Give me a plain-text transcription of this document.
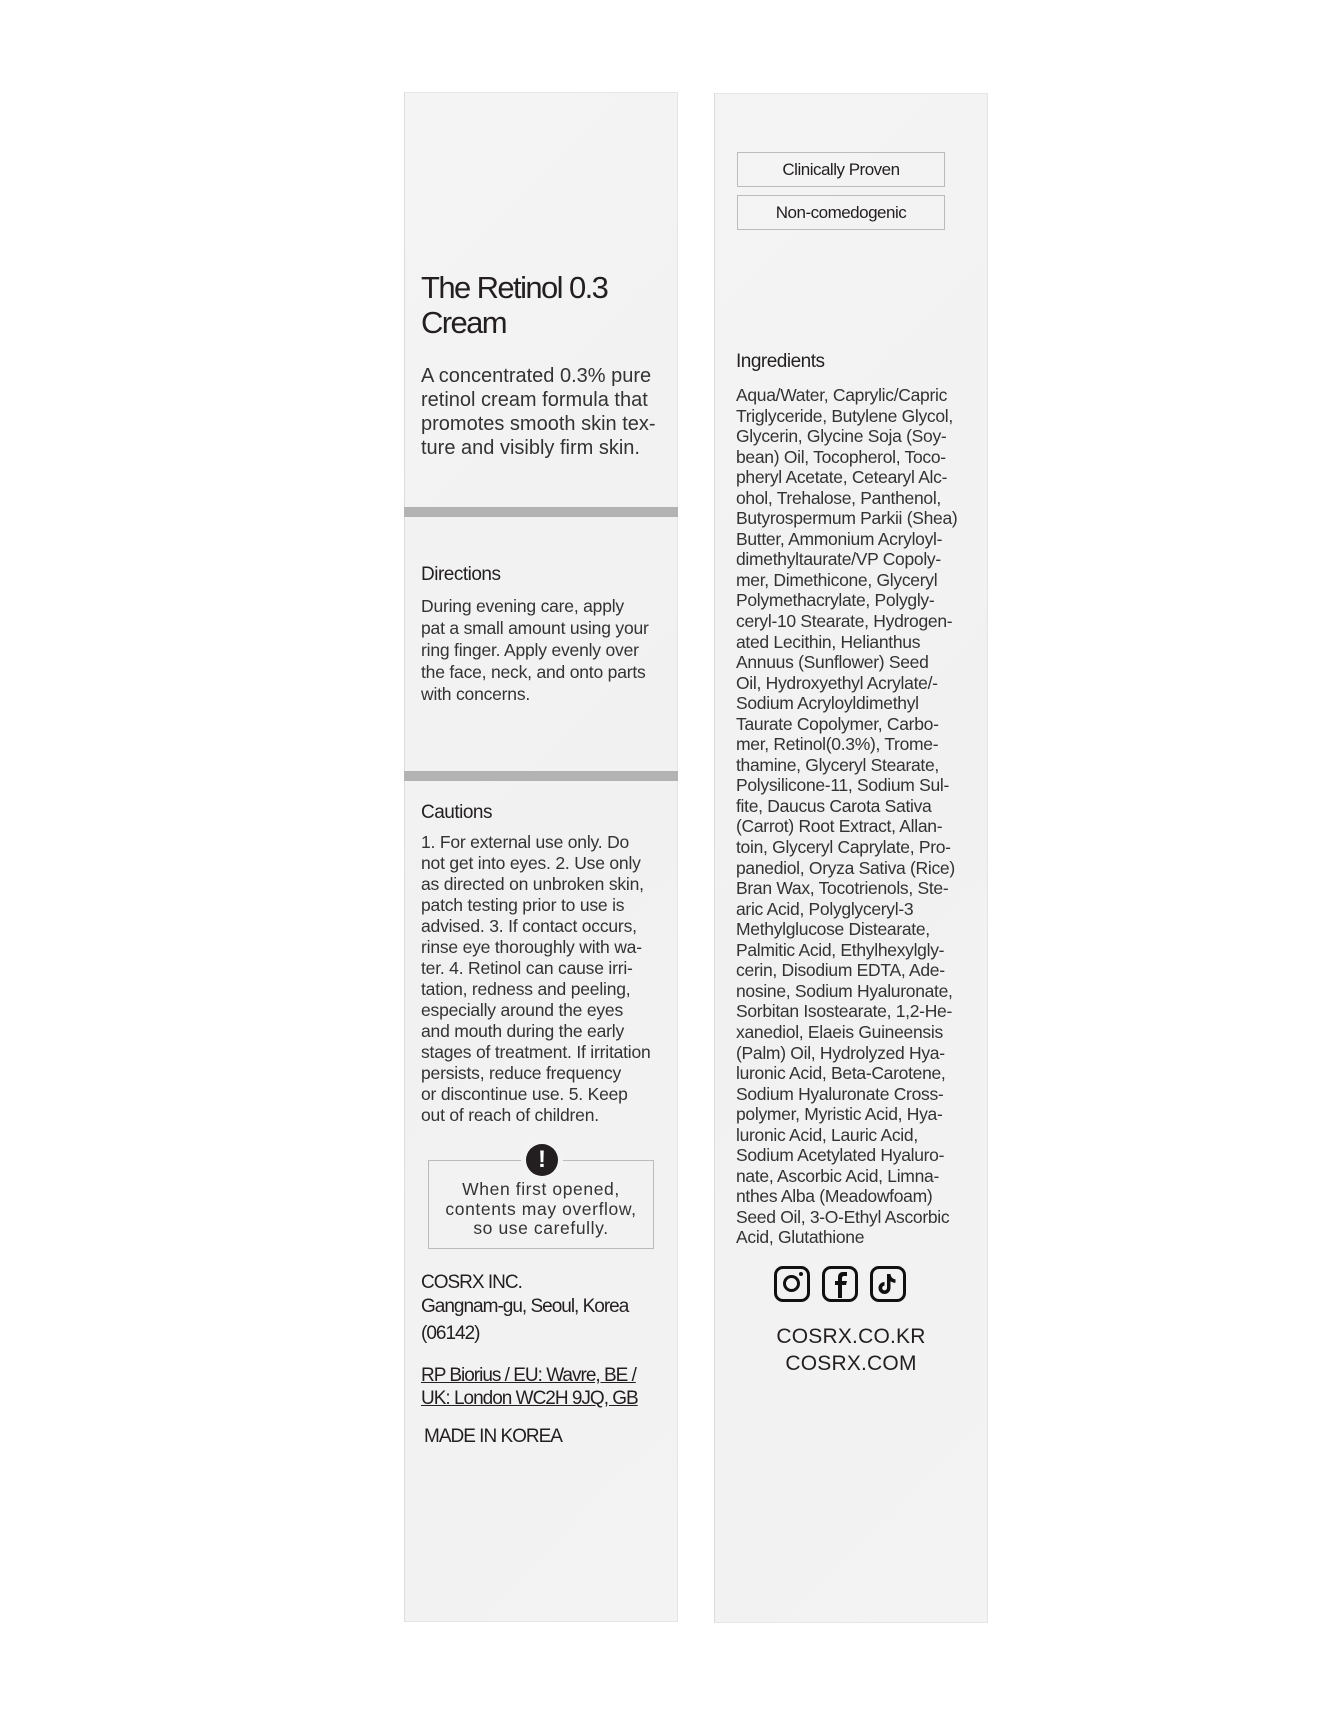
The Retinol 0.3
Cream
A concentrated 0.3% pure
retinol cream formula that
promotes smooth skin tex-
ture and visibly firm skin.
Directions
During evening care, apply
pat a small amount using your
ring finger. Apply evenly over
the face, neck, and onto parts
with concerns.
Cautions
1. For external use only. Do
not get into eyes. 2. Use only
as directed on unbroken skin,
patch testing prior to use is
advised. 3. If contact occurs,
rinse eye thoroughly with wa-
ter. 4. Retinol can cause irri-
tation, redness and peeling,
especially around the eyes
and mouth during the early
stages of treatment. If irritation
persists, reduce frequency
or discontinue use. 5. Keep
out of reach of children.
!
When first opened,
contents may overflow,
so use carefully.
COSRX INC.
Gangnam-gu, Seoul, Korea
(06142)
RP Biorius / EU: Wavre, BE /
UK: London WC2H 9JQ, GB
MADE IN KOREA
Clinically Proven
Non-comedogenic
Ingredients
Aqua/Water, Caprylic/Capric
Triglyceride, Butylene Glycol,
Glycerin, Glycine Soja (Soy-
bean) Oil, Tocopherol, Toco-
pheryl Acetate, Cetearyl Alc-
ohol, Trehalose, Panthenol,
Butyrospermum Parkii (Shea)
Butter, Ammonium Acryloyl-
dimethyltaurate/VP Copoly-
mer, Dimethicone, Glyceryl
Polymethacrylate, Polygly-
ceryl-10 Stearate, Hydrogen-
ated Lecithin, Helianthus
Annuus (Sunflower) Seed
Oil, Hydroxyethyl Acrylate/-
Sodium Acryloyldimethyl
Taurate Copolymer, Carbo-
mer, Retinol(0.3%), Trome-
thamine, Glyceryl Stearate,
Polysilicone-11, Sodium Sul-
fite, Daucus Carota Sativa
(Carrot) Root Extract, Allan-
toin, Glyceryl Caprylate, Pro-
panediol, Oryza Sativa (Rice)
Bran Wax, Tocotrienols, Ste-
aric Acid, Polyglyceryl-3
Methylglucose Distearate,
Palmitic Acid, Ethylhexylgly-
cerin, Disodium EDTA, Ade-
nosine, Sodium Hyaluronate,
Sorbitan Isostearate, 1,2-He-
xanediol, Elaeis Guineensis
(Palm) Oil, Hydrolyzed Hya-
luronic Acid, Beta-Carotene,
Sodium Hyaluronate Cross-
polymer, Myristic Acid, Hya-
luronic Acid, Lauric Acid,
Sodium Acetylated Hyaluro-
nate, Ascorbic Acid, Limna-
nthes Alba (Meadowfoam)
Seed Oil, 3-O-Ethyl Ascorbic
Acid, Glutathione
COSRX.CO.KR
COSRX.COM
